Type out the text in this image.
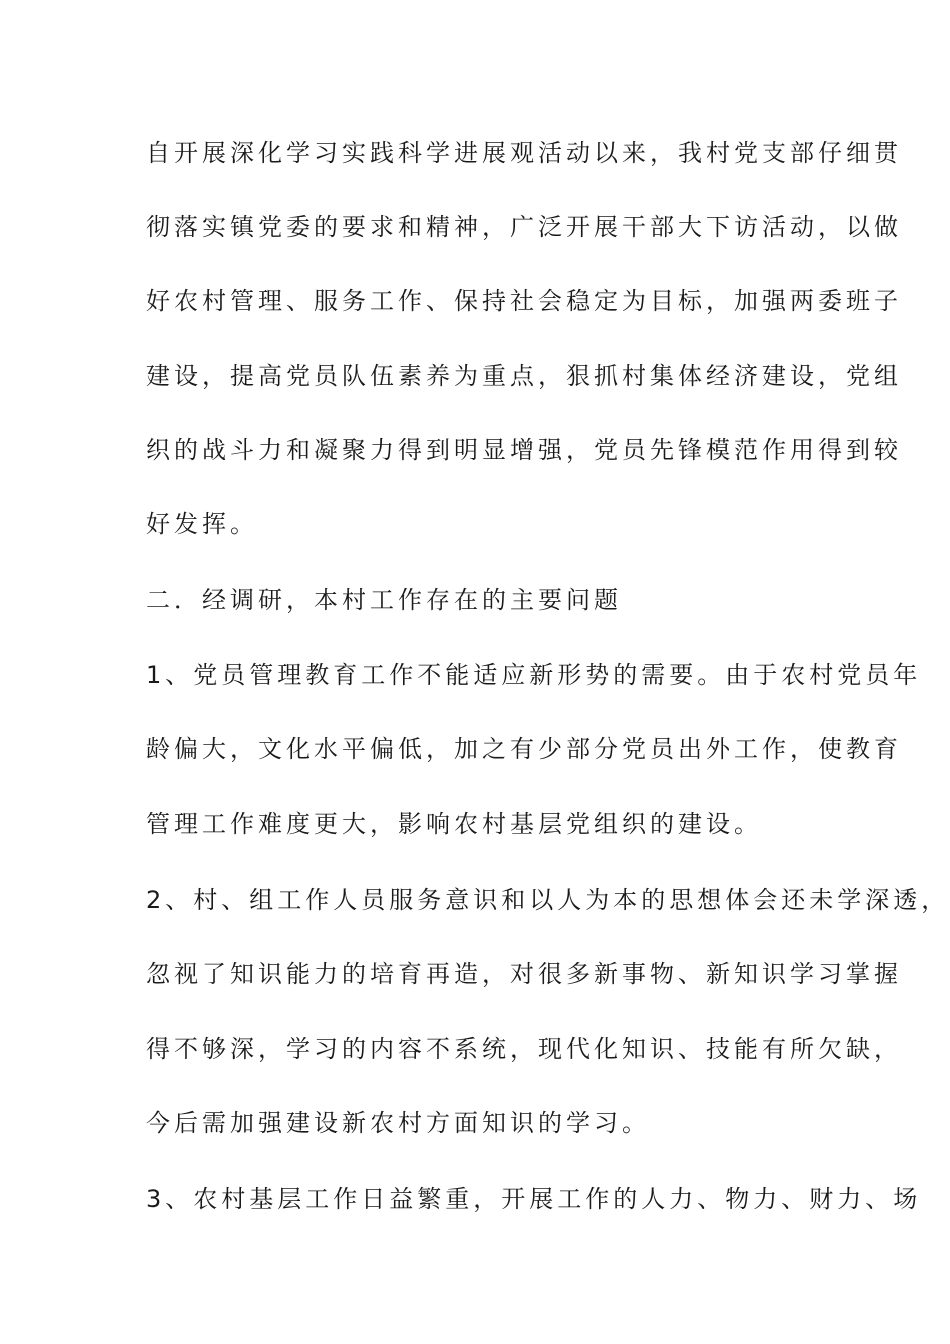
自开展深化学习实践科学进展观活动以来，我村党支部仔细贯
彻落实镇党委的要求和精神，广泛开展干部大下访活动，以做
好农村管理、服务工作、保持社会稳定为目标，加强两委班子
建设，提高党员队伍素养为重点，狠抓村集体经济建设，党组
织的战斗力和凝聚力得到明显增强，党员先锋模范作用得到较
好发挥。
二．经调研，本村工作存在的主要问题
1、党员管理教育工作不能适应新形势的需要。由于农村党员年
龄偏大，文化水平偏低，加之有少部分党员出外工作，使教育
管理工作难度更大，影响农村基层党组织的建设。
2、村、组工作人员服务意识和以人为本的思想体会还未学深透，
忽视了知识能力的培育再造，对很多新事物、新知识学习掌握
得不够深，学习的内容不系统，现代化知识、技能有所欠缺，
今后需加强建设新农村方面知识的学习。
3、农村基层工作日益繁重，开展工作的人力、物力、财力、场
